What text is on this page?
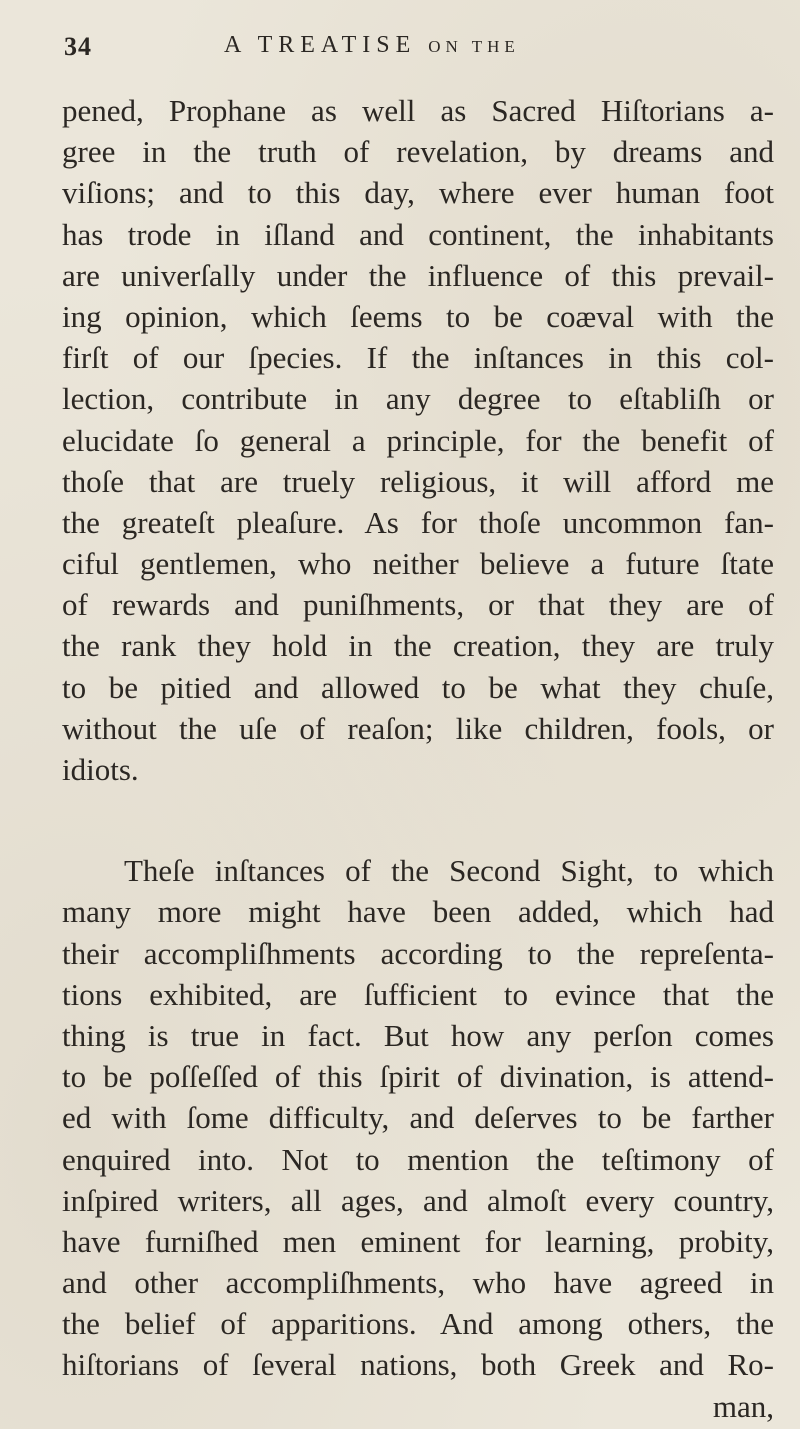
34	A TREATISE ON THE
pened, Prophane as well as Sacred Hiſtorians a-
gree in the truth of revelation, by dreams and
viſions; and to this day, where ever human foot
has trode in iſland and continent, the inhabitants
are univerſally under the influence of this prevail-
ing opinion, which ſeems to be coæval with the
firſt of our ſpecies. If the inſtances in this col-
lection, contribute in any degree to eſtabliſh or
elucidate ſo general a principle, for the benefit of
thoſe that are truely religious, it will afford me
the greateſt pleaſure. As for thoſe uncommon fan-
ciful gentlemen, who neither believe a future ſtate
of rewards and puniſhments, or that they are of
the rank they hold in the creation, they are truly
to be pitied and allowed to be what they chuſe,
without the uſe of reaſon; like children, fools, or
idiots.
Theſe inſtances of the Second Sight, to which
many more might have been added, which had
their accompliſhments according to the repreſenta-
tions exhibited, are ſufficient to evince that the
thing is true in fact. But how any perſon comes
to be poſſeſſed of this ſpirit of divination, is attend-
ed with ſome difficulty, and deſerves to be farther
enquired into. Not to mention the teſtimony of
inſpired writers, all ages, and almoſt every country,
have furniſhed men eminent for learning, probity,
and other accompliſhments, who have agreed in
the belief of apparitions. And among others, the
hiſtorians of ſeveral nations, both Greek and Ro-
man,
